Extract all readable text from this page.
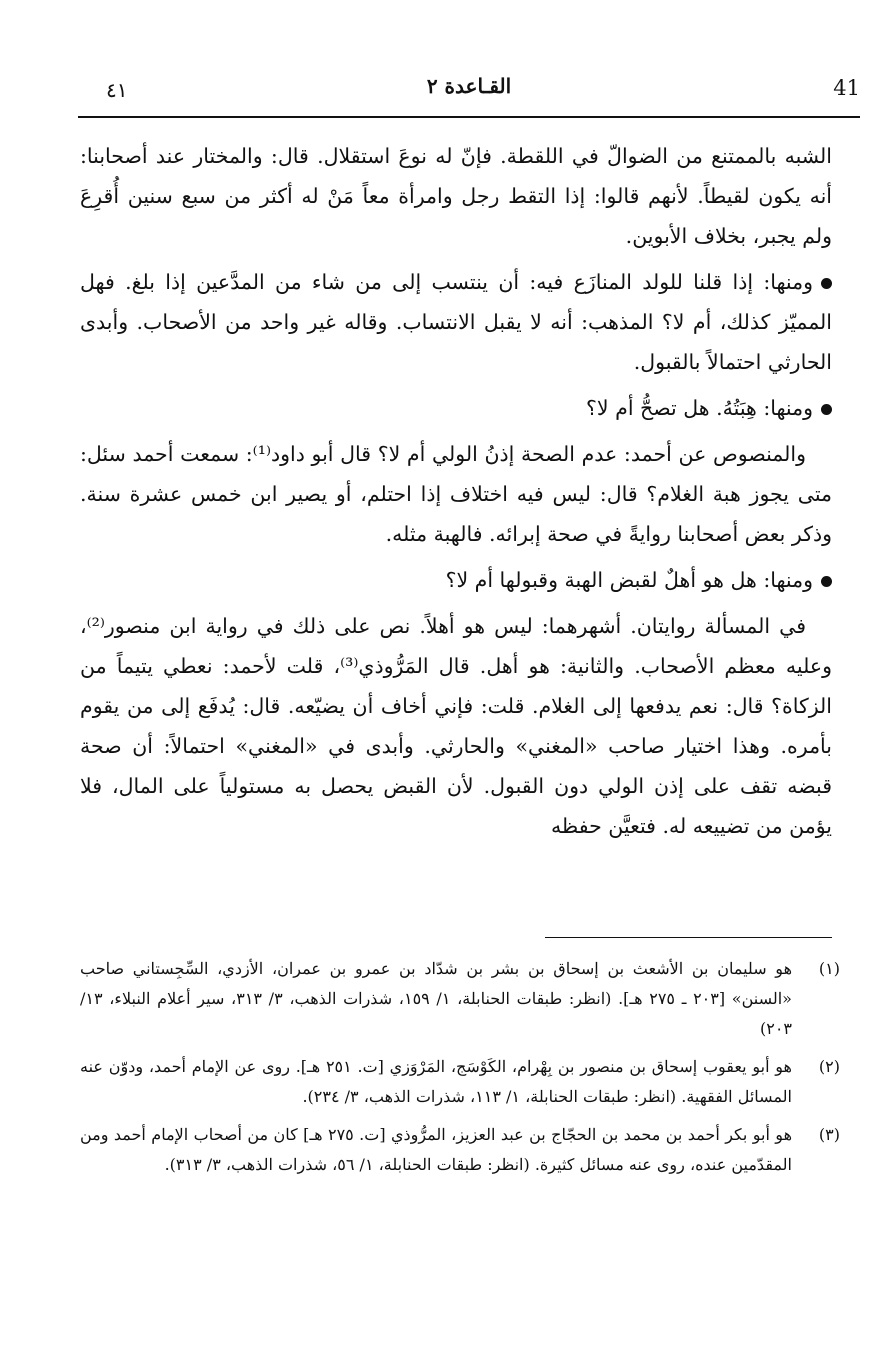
41
القـاعدة ٢
٤١

الشبه بالممتنع من الضوالّ في اللقطة. فإنّ له نوعَ استقلال. قال: والمختار عند أصحابنا: أنه يكون لقيطاً. لأنهم قالوا: إذا التقط رجل وامرأة معاً مَنْ له أكثر من سبع سنين أُقرِعَ ولم يجبر، بخلاف الأبوين.

ومنها: إذا قلنا للولد المنازَع فيه: أن ينتسب إلى من شاء من المدَّعين إذا بلغ. فهل المميّز كذلك، أم لا؟ المذهب: أنه لا يقبل الانتساب. وقاله غير واحد من الأصحاب. وأبدى الحارثي احتمالاً بالقبول.

ومنها: هِبَتُهُ. هل تصحُّ أم لا؟

والمنصوص عن أحمد: عدم الصحة إذنُ الولي أم لا؟ قال أبو داود⁽¹⁾: سمعت أحمد سئل: متى يجوز هبة الغلام؟ قال: ليس فيه اختلاف إذا احتلم، أو يصير ابن خمس عشرة سنة. وذكر بعض أصحابنا روايةً في صحة إبرائه. فالهبة مثله.

ومنها: هل هو أهلٌ لقبض الهبة وقبولها أم لا؟

في المسألة روايتان. أشهرهما: ليس هو أهلاً. نص على ذلك في رواية ابن منصور⁽²⁾، وعليه معظم الأصحاب. والثانية: هو أهل. قال المَرُّوذي⁽³⁾، قلت لأحمد: نعطي يتيماً من الزكاة؟ قال: نعم يدفعها إلى الغلام. قلت: فإني أخاف أن يضيّعه. قال: يُدفَع إلى من يقوم بأمره. وهذا اختيار صاحب «المغني» والحارثي. وأبدى في «المغني» احتمالاً: أن صحة قبضه تقف على إذن الولي دون القبول. لأن القبض يحصل به مستولياً على المال، فلا يؤمن من تضييعه له. فتعيَّن حفظه

(١)
هو سليمان بن الأشعث بن إسحاق بن بشر بن شدّاد بن عمرو بن عمران، الأزدي، السِّجِستاني صاحب «السنن» [٢٠٣ ـ ٢٧٥ هـ]. (انظر: طبقات الحنابلة، ١/ ١٥٩، شذرات الذهب، ٣/ ٣١٣، سير أعلام النبلاء، ١٣/ ٢٠٣)
(٢)
هو أبو يعقوب إسحاق بن منصور بن بِهْرام، الكَوْسَج، المَرْوَزي [ت. ٢٥١ هـ]. روى عن الإمام أحمد، ودوّن عنه المسائل الفقهية. (انظر: طبقات الحنابلة، ١/ ١١٣، شذرات الذهب، ٣/ ٢٣٤).
(٣)
هو أبو بكر أحمد بن محمد بن الحجّاج بن عبد العزيز، المرُّوذي [ت. ٢٧٥ هـ] كان من أصحاب الإمام أحمد ومن المقدّمين عنده، روى عنه مسائل كثيرة. (انظر: طبقات الحنابلة، ١/ ٥٦، شذرات الذهب، ٣/ ٣١٣).
